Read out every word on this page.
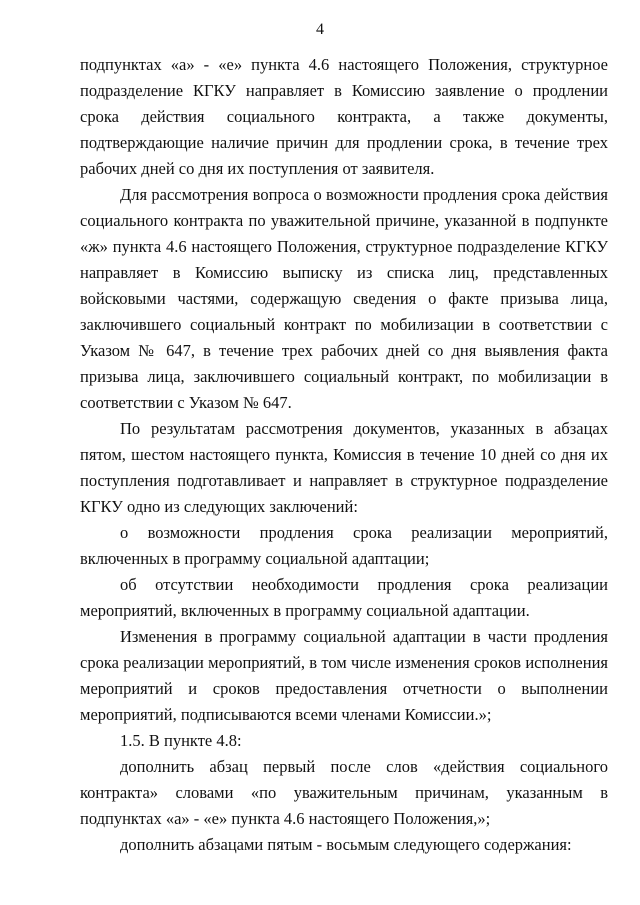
4

подпунктах «а» - «е» пункта 4.6 настоящего Положения, структурное подразделение КГКУ направляет в Комиссию заявление о продлении срока действия социального контракта, а также документы, подтверждающие наличие причин для продлении срока, в течение трех рабочих дней со дня их поступления от заявителя.

Для рассмотрения вопроса о возможности продления срока действия социального контракта по уважительной причине, указанной в подпункте «ж» пункта 4.6 настоящего Положения, структурное подразделение КГКУ направляет в Комиссию выписку из списка лиц, представленных войсковыми частями, содержащую сведения о факте призыва лица, заключившего социальный контракт по мобилизации в соответствии с Указом № 647, в течение трех рабочих дней со дня выявления факта призыва лица, заключившего социальный контракт, по мобилизации в соответствии с Указом № 647.

По результатам рассмотрения документов, указанных в абзацах пятом, шестом настоящего пункта, Комиссия в течение 10 дней со дня их поступления подготавливает и направляет в структурное подразделение КГКУ одно из следующих заключений:

о возможности продления срока реализации мероприятий, включенных в программу социальной адаптации;

об отсутствии необходимости продления срока реализации мероприятий, включенных в программу социальной адаптации.

Изменения в программу социальной адаптации в части продления срока реализации мероприятий, в том числе изменения сроков исполнения мероприятий и сроков предоставления отчетности о выполнении мероприятий, подписываются всеми членами Комиссии.»;

1.5. В пункте 4.8:

дополнить абзац первый после слов «действия социального контракта» словами «по уважительным причинам, указанным в подпунктах «а» - «е» пункта 4.6 настоящего Положения,»;

дополнить абзацами пятым - восьмым следующего содержания:
